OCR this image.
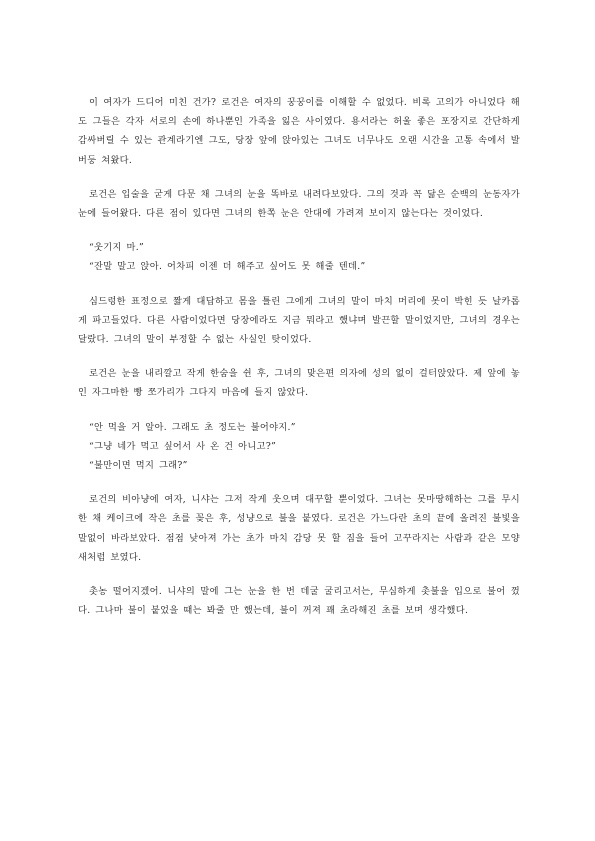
이 여자가 드디어 미친 건가? 로건은 여자의 꿍꿍이를 이해할 수 없었다. 비록 고의가 아니었다 해도 그들은 각자 서로의 손에 하나뿐인 가족을 잃은 사이였다. 용서라는 허울 좋은 포장지로 간단하게 감싸버릴 수 있는 관계라기엔 그도, 당장 앞에 앉아있는 그녀도 너무나도 오랜 시간을 고통 속에서 발버둥 쳐왔다.

로건은 입술을 굳게 다문 채 그녀의 눈을 똑바로 내려다보았다. 그의 것과 꼭 닮은 순백의 눈동자가 눈에 들어왔다. 다른 점이 있다면 그녀의 한쪽 눈은 안대에 가려져 보이지 않는다는 것이었다.

“웃기지 마.”

“잔말 말고 앉아. 어차피 이젠 더 해주고 싶어도 못 해줄 텐데.”

심드렁한 표정으로 짧게 대답하고 몸을 틀린 그에게 그녀의 말이 마치 머리에 못이 박힌 듯 날카롭게 파고들었다. 다른 사람이었다면 당장에라도 지금 뭐라고 했냐며 발끈할 말이었지만, 그녀의 경우는 달랐다. 그녀의 말이 부정할 수 없는 사실인 탓이었다.

로건은 눈을 내리깔고 작게 한숨을 쉰 후, 그녀의 맞은편 의자에 성의 없이 걸터앉았다. 제 앞에 놓인 자그마한 빵 쪼가리가 그다지 마음에 들지 않았다.

“안 먹을 거 알아. 그래도 초 정도는 불어야지.”

“그냥 네가 먹고 싶어서 사 온 건 아니고?”

“불만이면 먹지 그래?”

로건의 비아냥에 여자, 니샤는 그저 작게 웃으며 대꾸할 뿐이었다. 그녀는 못마땅해하는 그를 무시한 채 케이크에 작은 초를 꽂은 후, 성냥으로 불을 붙였다. 로건은 가느다란 초의 끝에 올려진 불빛을 말없이 바라보았다. 점점 낮아져 가는 초가 마치 감당 못 할 짐을 들어 고꾸라지는 사람과 같은 모양새처럼 보였다.

촛농 떨어지겠어. 니샤의 말에 그는 눈을 한 번 데굴 굴리고서는, 무심하게 촛불을 입으로 불어 껐다. 그나마 불이 붙었을 때는 봐줄 만 했는데, 불이 꺼져 꽤 초라해진 초를 보며 생각했다.
